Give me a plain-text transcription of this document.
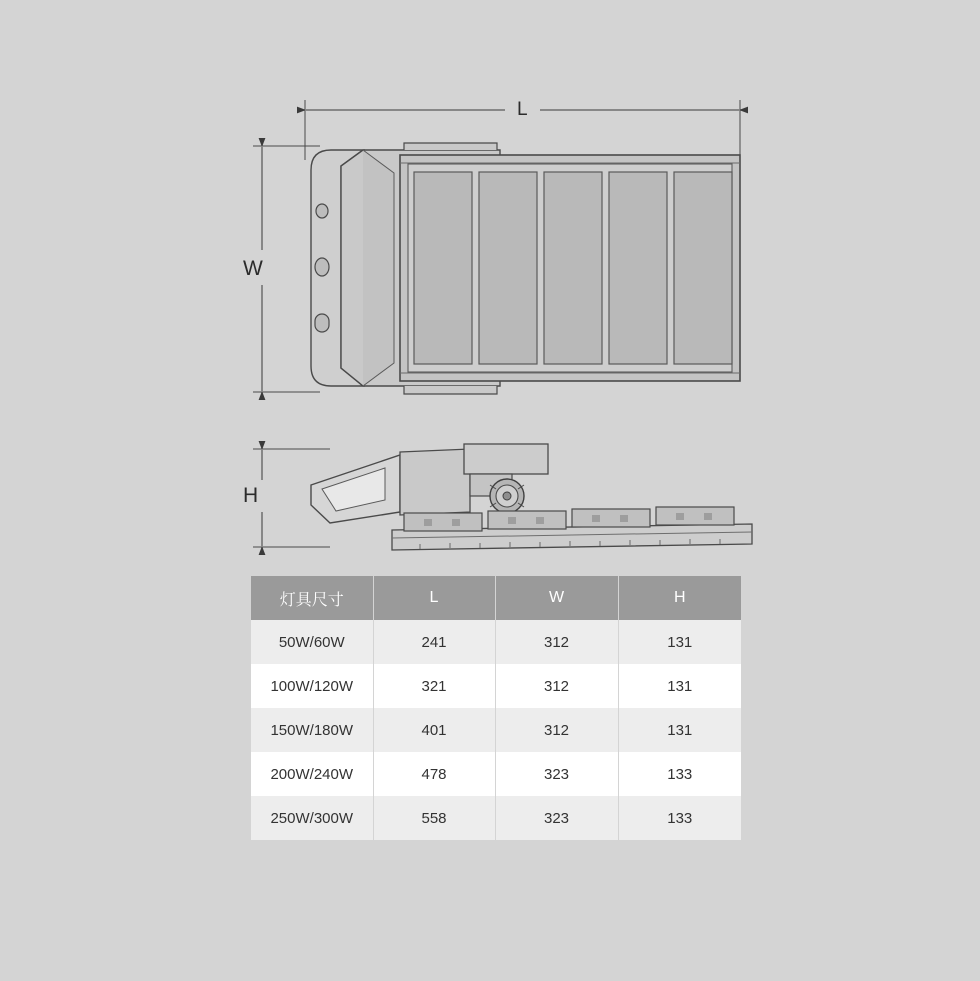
L
W
H
灯具尺寸	L	W	H
50W/60W	241	312	131
100W/120W	321	312	131
150W/180W	401	312	131
200W/240W	478	323	133
250W/300W	558	323	133
